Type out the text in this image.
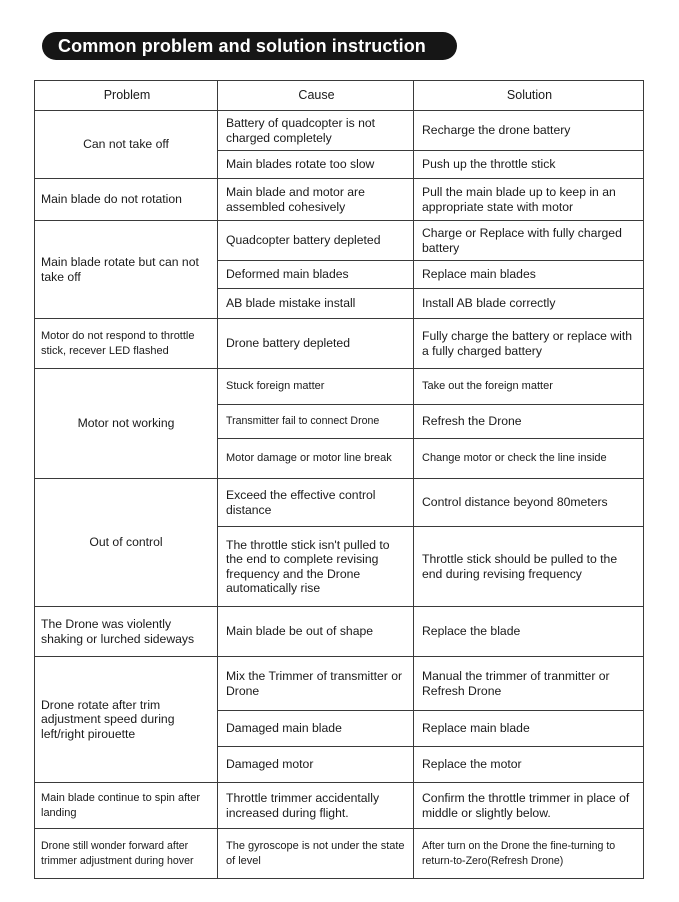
Common problem and solution instruction
Problem	Cause	Solution
Can not take off	Battery of quadcopter is not charged completely	Recharge the drone battery
	Main blades rotate too slow	Push up the throttle stick
Main blade do not rotation	Main blade and motor are assembled cohesively	Pull the main blade up to keep in an appropriate state with motor
Main blade rotate but can not take off	Quadcopter battery depleted	Charge or Replace with fully charged battery
	Deformed main blades	Replace main blades
	AB blade mistake install	Install AB blade correctly
Motor do not respond to throttle stick, recever LED flashed	Drone battery depleted	Fully charge the battery or replace with a fully charged battery
Motor not working	Stuck foreign matter	Take out the foreign matter
	Transmitter fail to connect Drone	Refresh the Drone
	Motor damage or motor line break	Change motor or check the line inside
Out of control	Exceed the effective control distance	Control distance beyond 80meters
	The throttle stick isn't pulled to the end to complete revising frequency and the Drone automatically rise	Throttle stick should be pulled to the end during revising frequency
The Drone was violently shaking or lurched sideways	Main blade be out of shape	Replace the blade
Drone rotate after trim adjustment speed during left/right pirouette	Mix the Trimmer of transmitter or Drone	Manual the trimmer of tranmitter or Refresh Drone
	Damaged main blade	Replace main blade
	Damaged motor	Replace the motor
Main blade continue to spin after landing	Throttle trimmer accidentally increased during flight.	Confirm the throttle trimmer in place of middle or slightly below.
Drone still wonder forward after trimmer adjustment during hover	The gyroscope is not under the state of level	After turn on the Drone the fine-turning to return-to-Zero(Refresh Drone)
